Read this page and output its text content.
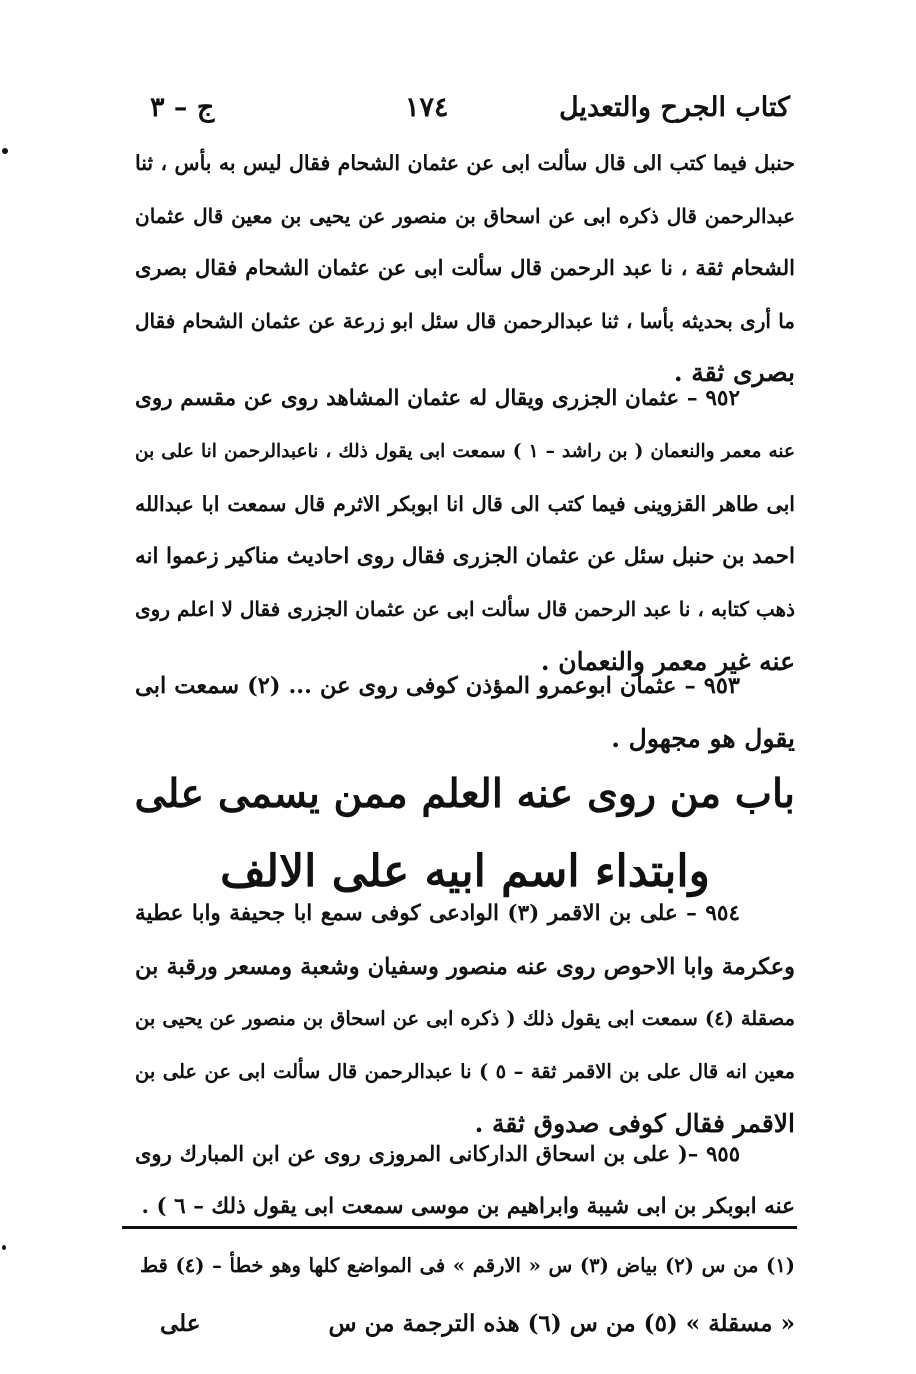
كتاب الجرح والتعديل
١٧٤
ج – ٣

حنبل فيما كتب الى قال سألت ابى عن عثمان الشحام فقال ليس به بأس ، ثنا

عبدالرحمن قال ذكره ابى عن اسحاق بن منصور عن يحيى بن معين قال عثمان

الشحام ثقة ، نا عبد الرحمن قال سألت ابى عن عثمان الشحام فقال بصرى

ما أرى بحديثه بأسا ، ثنا عبدالرحمن قال سئل ابو زرعة عن عثمان الشحام فقال

بصرى ثقة .

٩٥٢ – عثمان الجزرى ويقال له عثمان المشاهد روى عن مقسم روى

عنه معمر والنعمان ( بن راشد – ١ ) سمعت ابى يقول ذلك ، ناعبدالرحمن انا على بن

ابى طاهر القزوينى فيما كتب الى قال انا ابوبكر الاثرم قال سمعت ابا عبدالله

احمد بن حنبل سئل عن عثمان الجزرى فقال روى احاديث مناكير زعموا انه

ذهب كتابه ، نا عبد الرحمن قال سألت ابى عن عثمان الجزرى فقال لا اعلم روى

عنه غير معمر والنعمان .

٩٥٣ – عثمان ابوعمرو المؤذن كوفى روى عن ... (٢) سمعت ابى

يقول هو مجهول .

باب من روى عنه العلم ممن يسمى على
وابتداء اسم ابيه على الالف

٩٥٤ – على بن الاقمر (٣) الوادعى كوفى سمع ابا جحيفة وابا عطية

وعكرمة وابا الاحوص روى عنه منصور وسفيان وشعبة ومسعر ورقبة بن

مصقلة (٤) سمعت ابى يقول ذلك ( ذكره ابى عن اسحاق بن منصور عن يحيى بن

معين انه قال على بن الاقمر ثقة – ٥ ) نا عبدالرحمن قال سألت ابى عن على بن

الاقمر فقال كوفى صدوق ثقة .

٩٥٥ –( على بن اسحاق الداركانى المروزى روى عن ابن المبارك روى

عنه ابوبكر بن ابى شيبة وابراهيم بن موسى سمعت ابى يقول ذلك – ٦ ) .

(١) من س (٢) بياض (٣) س « الارقم » فى المواضع كلها وهو خطأ – (٤) قط
« مسقلة » (٥) من س (٦) هذه الترجمة من س
على
